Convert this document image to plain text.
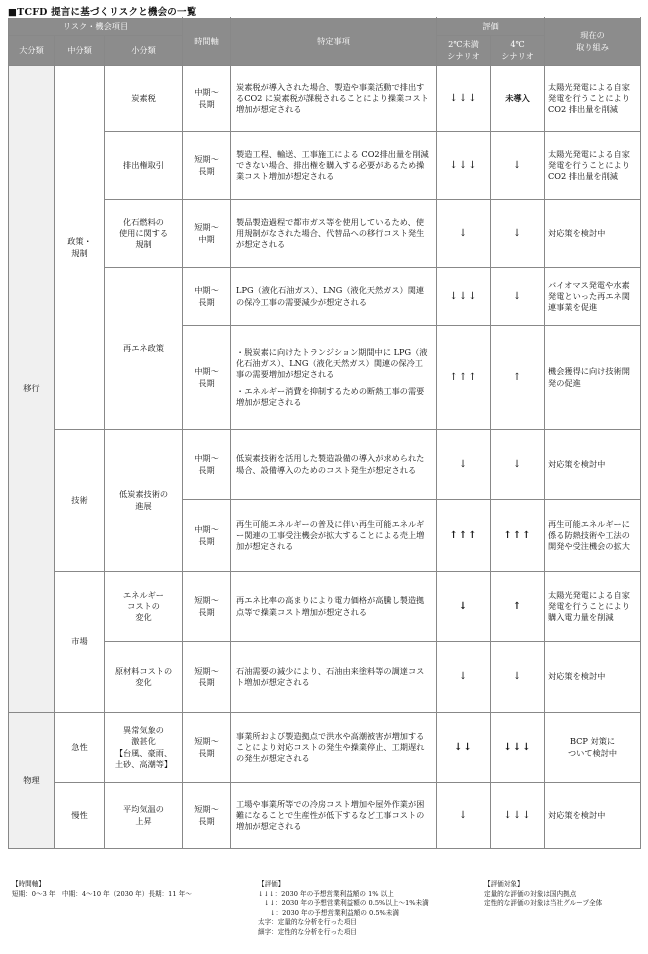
■TCFD 提言に基づくリスクと機会の一覧
リスク・機会項目			時間軸	特定事項	評価		現在の
取り組み
大分類	中分類	小分類			2℃未満
シナリオ	4℃
シナリオ	
移行	政策・
規制	炭素税	中期～
長期	炭素税が導入された場合、製造や事業活動で排出するCO2 に炭素税が課税されることにより操業コスト増加が想定される	↓↓↓	未導入	太陽光発電による自家発電を行うことによりCO2 排出量を削減
		排出権取引	短期～
長期	製造工程、輸送、工事施工による CO2排出量を削減できない場合、排出権を購入する必要があるため操業コスト増加が想定される	↓↓↓	↓	太陽光発電による自家発電を行うことにより CO2 排出量を削減
		化石燃料の
使用に関する
規制	短期～
中期	製品製造過程で都市ガス等を使用しているため、使用規制がなされた場合、代替品への移行コスト発生が想定される	↓	↓	対応策を検討中
		再エネ政策	中期～
長期	LPG（液化石油ガス）、LNG（液化天然ガス）関連の保冷工事の需要減少が想定される	↓↓↓	↓	バイオマス発電や水素発電といった再エネ関連事業を促進
			中期～
長期	・脱炭素に向けたトランジション期間中に LPG（液化石油ガス）、LNG（液化天然ガス）関連の保冷工事の需要増加が想定される
・エネルギー消費を抑制するための断熱工事の需要増加が想定される	↑↑↑	↑	機会獲得に向け技術開発の促進
	技術	低炭素技術の
進展	中期～
長期	低炭素技術を活用した製造設備の導入が求められた場合、設備導入のためのコスト発生が想定される	↓	↓	対応策を検討中
			中期～
長期	再生可能エネルギーの普及に伴い再生可能エネルギー関連の工事受注機会が拡大することによる売上増加が想定される	↑↑↑	↑↑↑	再生可能エネルギーに係る防熱技術や工法の開発や受注機会の拡大
	市場	エネルギー
コストの
変化	短期～
長期	再エネ比率の高まりにより電力価格が高騰し製造拠点等で操業コスト増加が想定される	↓	↑	太陽光発電による自家発電を行うことにより購入電力量を削減
		原材料コストの
変化	短期～
長期	石油需要の減少により、石油由来塗料等の調達コスト増加が想定される	↓	↓	対応策を検討中
物理	急性	異常気象の
激甚化
【台風、豪雨、
土砂、高潮等】	短期～
長期	事業所および製造拠点で洪水や高潮被害が増加することにより対応コストの発生や操業停止、工期遅れの発生が想定される	↓↓	↓↓↓	BCP 対策に
ついて検討中
	慢性	平均気温の
上昇	短期～
長期	工場や事業所等での冷房コスト増加や屋外作業が困難になることで生産性が低下するなど工事コストの増加が想定される	↓	↓↓↓	対応策を検討中
【時間軸】
短期：0～3 年　中期：4～10 年（2030 年）長期：11 年～
【評価】
↓↓↓：2030 年の予想営業利益額の 1% 以上
↓↓：2030 年の予想営業利益額の 0.5%以上～1%未満
↓：2030 年の予想営業利益額の 0.5%未満
太字：定量的な分析を行った項目
細字：定性的な分析を行った項目
【評価対象】
定量的な評価の対象は国内拠点
定性的な評価の対象は当社グループ全体
